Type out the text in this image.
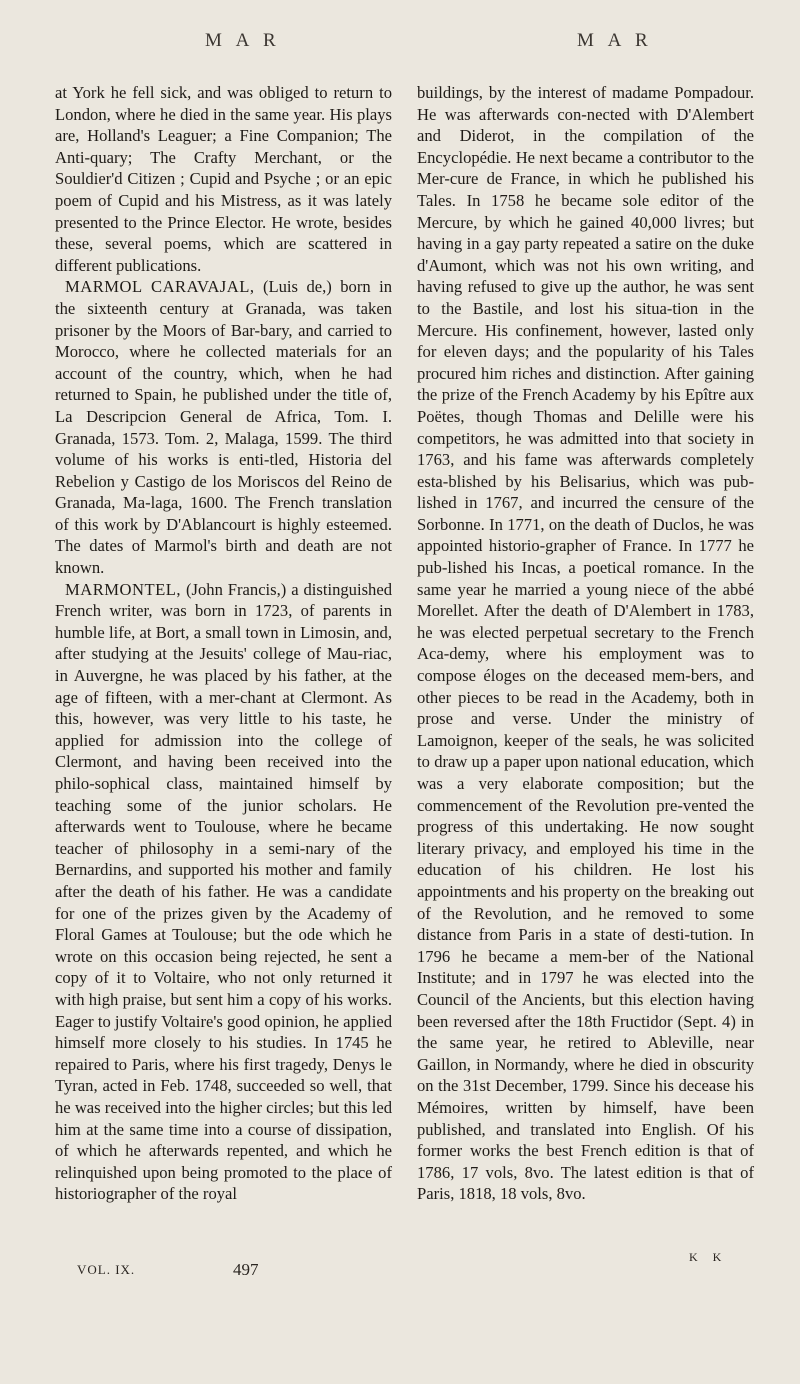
M A R	M A R

at York he fell sick, and was obliged to return to London, where he died in the same year. His plays are, Holland's Leaguer; a Fine Companion; The Anti-quary; The Crafty Merchant, or the Souldier'd Citizen ; Cupid and Psyche ; or an epic poem of Cupid and his Mistress, as it was lately presented to the Prince Elector. He wrote, besides these, several poems, which are scattered in different publications.

MARMOL CARAVAJAL, (Luis de,) born in the sixteenth century at Granada, was taken prisoner by the Moors of Bar-bary, and carried to Morocco, where he collected materials for an account of the country, which, when he had returned to Spain, he published under the title of, La Descripcion General de Africa, Tom. I. Granada, 1573. Tom. 2, Malaga, 1599. The third volume of his works is enti-tled, Historia del Rebelion y Castigo de los Moriscos del Reino de Granada, Ma-laga, 1600. The French translation of this work by D'Ablancourt is highly esteemed. The dates of Marmol's birth and death are not known.

MARMONTEL, (John Francis,) a distinguished French writer, was born in 1723, of parents in humble life, at Bort, a small town in Limosin, and, after studying at the Jesuits' college of Mau-riac, in Auvergne, he was placed by his father, at the age of fifteen, with a mer-chant at Clermont. As this, however, was very little to his taste, he applied for admission into the college of Clermont, and having been received into the philo-sophical class, maintained himself by teaching some of the junior scholars. He afterwards went to Toulouse, where he became teacher of philosophy in a semi-nary of the Bernardins, and supported his mother and family after the death of his father. He was a candidate for one of the prizes given by the Academy of Floral Games at Toulouse; but the ode which he wrote on this occasion being rejected, he sent a copy of it to Voltaire, who not only returned it with high praise, but sent him a copy of his works. Eager to justify Voltaire's good opinion, he applied himself more closely to his studies. In 1745 he repaired to Paris, where his first tragedy, Denys le Tyran, acted in Feb. 1748, succeeded so well, that he was received into the higher circles; but this led him at the same time into a course of dissipation, of which he afterwards repented, and which he relinquished upon being promoted to the place of historiographer of the royal

buildings, by the interest of madame Pompadour. He was afterwards con-nected with D'Alembert and Diderot, in the compilation of the Encyclopédie. He next became a contributor to the Mer-cure de France, in which he published his Tales. In 1758 he became sole editor of the Mercure, by which he gained 40,000 livres; but having in a gay party repeated a satire on the duke d'Aumont, which was not his own writing, and having refused to give up the author, he was sent to the Bastile, and lost his situa-tion in the Mercure. His confinement, however, lasted only for eleven days; and the popularity of his Tales procured him riches and distinction. After gaining the prize of the French Academy by his Epître aux Poëtes, though Thomas and Delille were his competitors, he was admitted into that society in 1763, and his fame was afterwards completely esta-blished by his Belisarius, which was pub-lished in 1767, and incurred the censure of the Sorbonne. In 1771, on the death of Duclos, he was appointed historio-grapher of France. In 1777 he pub-lished his Incas, a poetical romance. In the same year he married a young niece of the abbé Morellet. After the death of D'Alembert in 1783, he was elected perpetual secretary to the French Aca-demy, where his employment was to compose éloges on the deceased mem-bers, and other pieces to be read in the Academy, both in prose and verse. Under the ministry of Lamoignon, keeper of the seals, he was solicited to draw up a paper upon national education, which was a very elaborate composition; but the commencement of the Revolution pre-vented the progress of this undertaking. He now sought literary privacy, and employed his time in the education of his children. He lost his appointments and his property on the breaking out of the Revolution, and he removed to some distance from Paris in a state of desti-tution. In 1796 he became a mem-ber of the National Institute; and in 1797 he was elected into the Council of the Ancients, but this election having been reversed after the 18th Fructidor (Sept. 4) in the same year, he retired to Ableville, near Gaillon, in Normandy, where he died in obscurity on the 31st December, 1799. Since his decease his Mémoires, written by himself, have been published, and translated into English. Of his former works the best French edition is that of 1786, 17 vols, 8vo. The latest edition is that of Paris, 1818, 18 vols, 8vo.

VOL. IX.	497
K K
